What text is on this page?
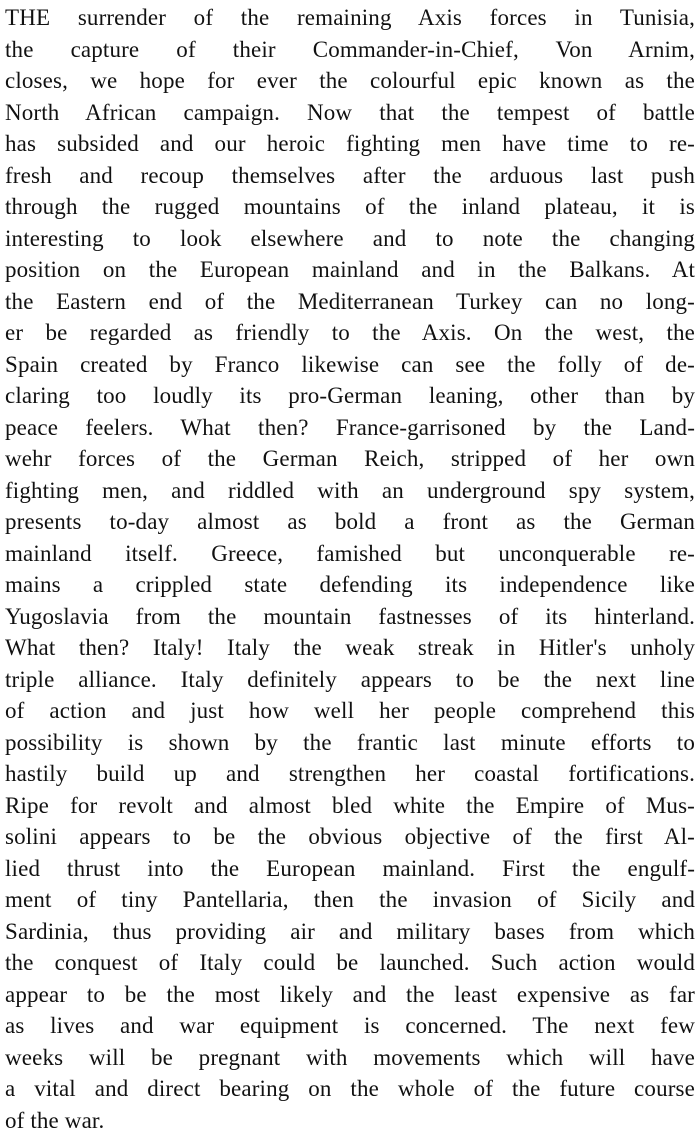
THE surrender of the remaining Axis forces in Tunisia,
the capture of their Commander-in-Chief, Von Arnim,
closes, we hope for ever the colourful epic known as the
North African campaign. Now that the tempest of battle
has subsided and our heroic fighting men have time to re-
fresh and recoup themselves after the arduous last push
through the rugged mountains of the inland plateau, it is
interesting to look elsewhere and to note the changing
position on the European mainland and in the Balkans. At
the Eastern end of the Mediterranean Turkey can no long-
er be regarded as friendly to the Axis. On the west, the
Spain created by Franco likewise can see the folly of de-
claring too loudly its pro-German leaning, other than by
peace feelers. What then? France-garrisoned by the Land-
wehr forces of the German Reich, stripped of her own
fighting men, and riddled with an underground spy system,
presents to-day almost as bold a front as the German
mainland itself. Greece, famished but unconquerable re-
mains a crippled state defending its independence like
Yugoslavia from the mountain fastnesses of its hinterland.
What then? Italy! Italy the weak streak in Hitler's unholy
triple alliance. Italy definitely appears to be the next line
of action and just how well her people comprehend this
possibility is shown by the frantic last minute efforts to
hastily build up and strengthen her coastal fortifications.
Ripe for revolt and almost bled white the Empire of Mus-
solini appears to be the obvious objective of the first Al-
lied thrust into the European mainland. First the engulf-
ment of tiny Pantellaria, then the invasion of Sicily and
Sardinia, thus providing air and military bases from which
the conquest of Italy could be launched. Such action would
appear to be the most likely and the least expensive as far
as lives and war equipment is concerned. The next few
weeks will be pregnant with movements which will have
a vital and direct bearing on the whole of the future course
of the war.
